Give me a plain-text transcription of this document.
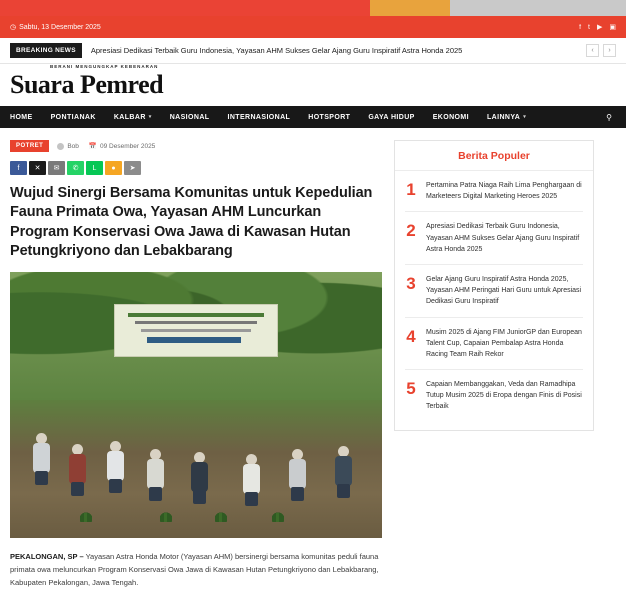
◷ Sabtu, 13 Desember 2025	f t ▶ ▣
BREAKING NEWS	Apresiasi Dedikasi Terbaik Guru Indonesia, Yayasan AHM Sukses Gelar Ajang Guru Inspiratif Astra Honda 2025	‹	›
BERANI MENGUNGKAP KEBENARAN
Suara Pemred
HOME	PONTIANAK	KALBAR ▾	NASIONAL	INTERNASIONAL	HOTSPORT	GAYA HIDUP	EKONOMI	LAINNYA ▾	⚲
POTRET	Bob 📅 09 Desember 2025
f	✕	✉	✆	L	●	➤
Wujud Sinergi Bersama Komunitas untuk Kepedulian Fauna Primata Owa, Yayasan AHM Luncurkan Program Konservasi Owa Jawa di Kawasan Hutan Petungkriyono dan Lebakbarang

PEKALONGAN, SP – Yayasan Astra Honda Motor (Yayasan AHM) bersinergi bersama komunitas peduli fauna primata owa meluncurkan Program Konservasi Owa Jawa di Kawasan Hutan Petungkriyono dan Lebakbarang, Kabupaten Pekalongan, Jawa Tengah.

Berita Populer
1 Pertamina Patra Niaga Raih Lima Penghargaan di Marketeers Digital Marketing Heroes 2025
2 Apresiasi Dedikasi Terbaik Guru Indonesia, Yayasan AHM Sukses Gelar Ajang Guru Inspiratif Astra Honda 2025
3 Gelar Ajang Guru Inspiratif Astra Honda 2025, Yayasan AHM Peringati Hari Guru untuk Apresiasi Dedikasi Guru Inspiratif
4 Musim 2025 di Ajang FIM JuniorGP dan European Talent Cup, Capaian Pembalap Astra Honda Racing Team Raih Rekor
5 Capaian Membanggakan, Veda dan Ramadhipa Tutup Musim 2025 di Eropa dengan Finis di Posisi Terbaik
